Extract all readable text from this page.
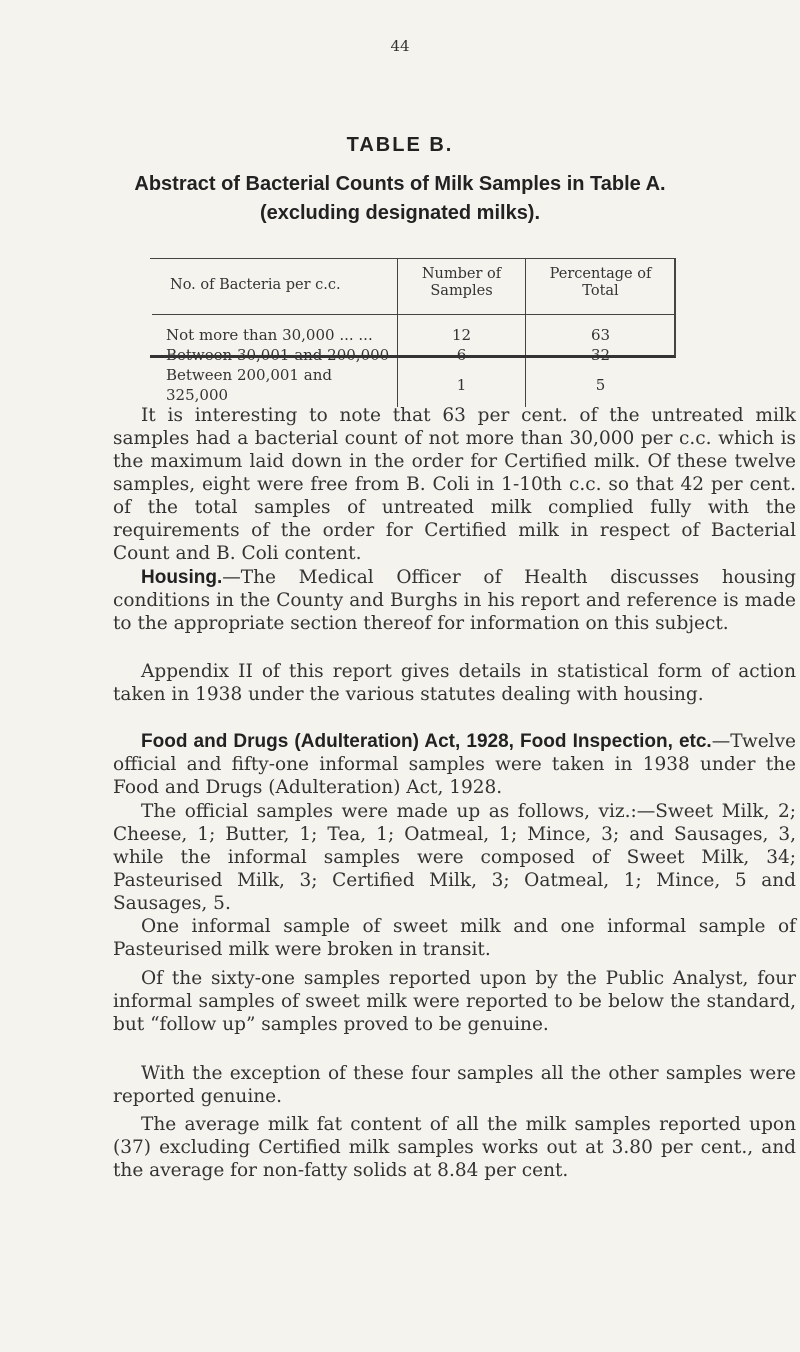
44
TABLE B.
Abstract of Bacterial Counts of Milk Samples in Table A.
(excluding designated milks).
No. of Bacteria per c.c.	Number of Samples	Percentage of Total
Not more than 30,000 ... ...	12	63
Between 30,001 and 200,000	6	32
Between 200,001 and 325,000	1	5

It is interesting to note that 63 per cent. of the untreated milk samples had a bacterial count of not more than 30,000 per c.c. which is the maximum laid down in the order for Certified milk. Of these twelve samples, eight were free from B. Coli in 1-10th c.c. so that 42 per cent. of the total samples of untreated milk complied fully with the requirements of the order for Certified milk in respect of Bacterial Count and B. Coli content.

Housing.—The Medical Officer of Health discusses housing conditions in the County and Burghs in his report and reference is made to the appropriate section thereof for information on this subject.

Appendix II of this report gives details in statistical form of action taken in 1938 under the various statutes dealing with housing.

Food and Drugs (Adulteration) Act, 1928, Food Inspection, etc.—Twelve official and fifty-one informal samples were taken in 1938 under the Food and Drugs (Adulteration) Act, 1928.

The official samples were made up as follows, viz.:—Sweet Milk, 2; Cheese, 1; Butter, 1; Tea, 1; Oatmeal, 1; Mince, 3; and Sausages, 3, while the informal samples were composed of Sweet Milk, 34; Pasteurised Milk, 3; Certified Milk, 3; Oatmeal, 1; Mince, 5 and Sausages, 5.

One informal sample of sweet milk and one informal sample of Pasteurised milk were broken in transit.

Of the sixty-one samples reported upon by the Public Analyst, four informal samples of sweet milk were reported to be below the standard, but “follow up” samples proved to be genuine.

With the exception of these four samples all the other samples were reported genuine.

The average milk fat content of all the milk samples reported upon (37) excluding Certified milk samples works out at 3.80 per cent., and the average for non-fatty solids at 8.84 per cent.
